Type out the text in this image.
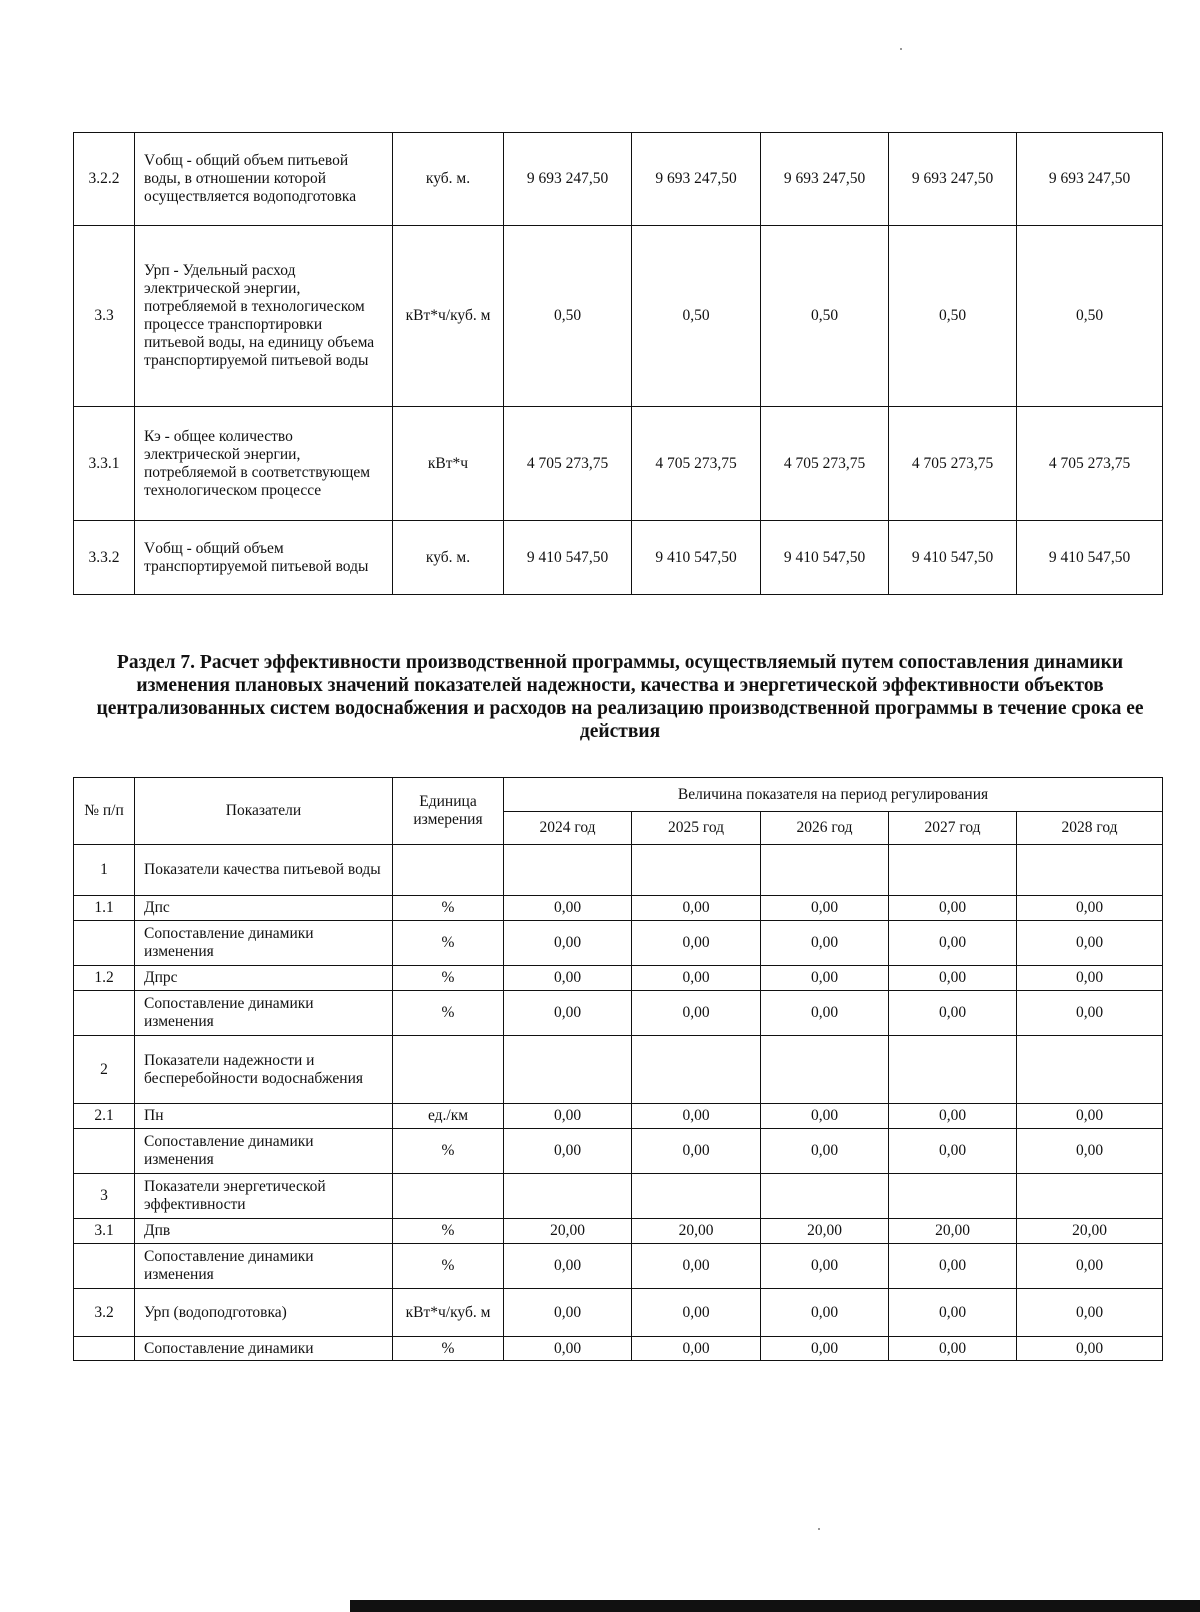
3.2.2	Vобщ - общий объем питьевой воды, в отношении которой осуществляется водоподготовка	куб. м.	9 693 247,50	9 693 247,50	9 693 247,50	9 693 247,50	9 693 247,50
3.3	Урп - Удельный расход электрической энергии, потребляемой в технологическом процессе транспортировки питьевой воды, на единицу объема транспортируемой питьевой воды	кВт*ч/куб. м	0,50	0,50	0,50	0,50	0,50
3.3.1	Кэ - общее количество электрической энергии, потребляемой в соответствующем технологическом процессе	кВт*ч	4 705 273,75	4 705 273,75	4 705 273,75	4 705 273,75	4 705 273,75
3.3.2	Vобщ - общий объем транспортируемой питьевой воды	куб. м.	9 410 547,50	9 410 547,50	9 410 547,50	9 410 547,50	9 410 547,50
Раздел 7. Расчет эффективности производственной программы, осуществляемый путем сопоставления динамики изменения плановых значений показателей надежности, качества и энергетической эффективности объектов централизованных систем водоснабжения и расходов на реализацию производственной программы в течение срока ее действия
№ п/п	Показатели	Единица измерения	Величина показателя на период регулирования				
			2024 год	2025 год	2026 год	2027 год	2028 год
1	Показатели качества питьевой воды						
1.1	Дпс	%	0,00	0,00	0,00	0,00	0,00
	Сопоставление динамики изменения	%	0,00	0,00	0,00	0,00	0,00
1.2	Дпрс	%	0,00	0,00	0,00	0,00	0,00
	Сопоставление динамики изменения	%	0,00	0,00	0,00	0,00	0,00
2	Показатели надежности и бесперебойности водоснабжения						
2.1	Пн	ед./км	0,00	0,00	0,00	0,00	0,00
	Сопоставление динамики изменения	%	0,00	0,00	0,00	0,00	0,00
3	Показатели энергетической эффективности						
3.1	Дпв	%	20,00	20,00	20,00	20,00	20,00
	Сопоставление динамики изменения	%	0,00	0,00	0,00	0,00	0,00
3.2	Урп (водоподготовка)	кВт*ч/куб. м	0,00	0,00	0,00	0,00	0,00
	Сопоставление динамики	%	0,00	0,00	0,00	0,00	0,00
